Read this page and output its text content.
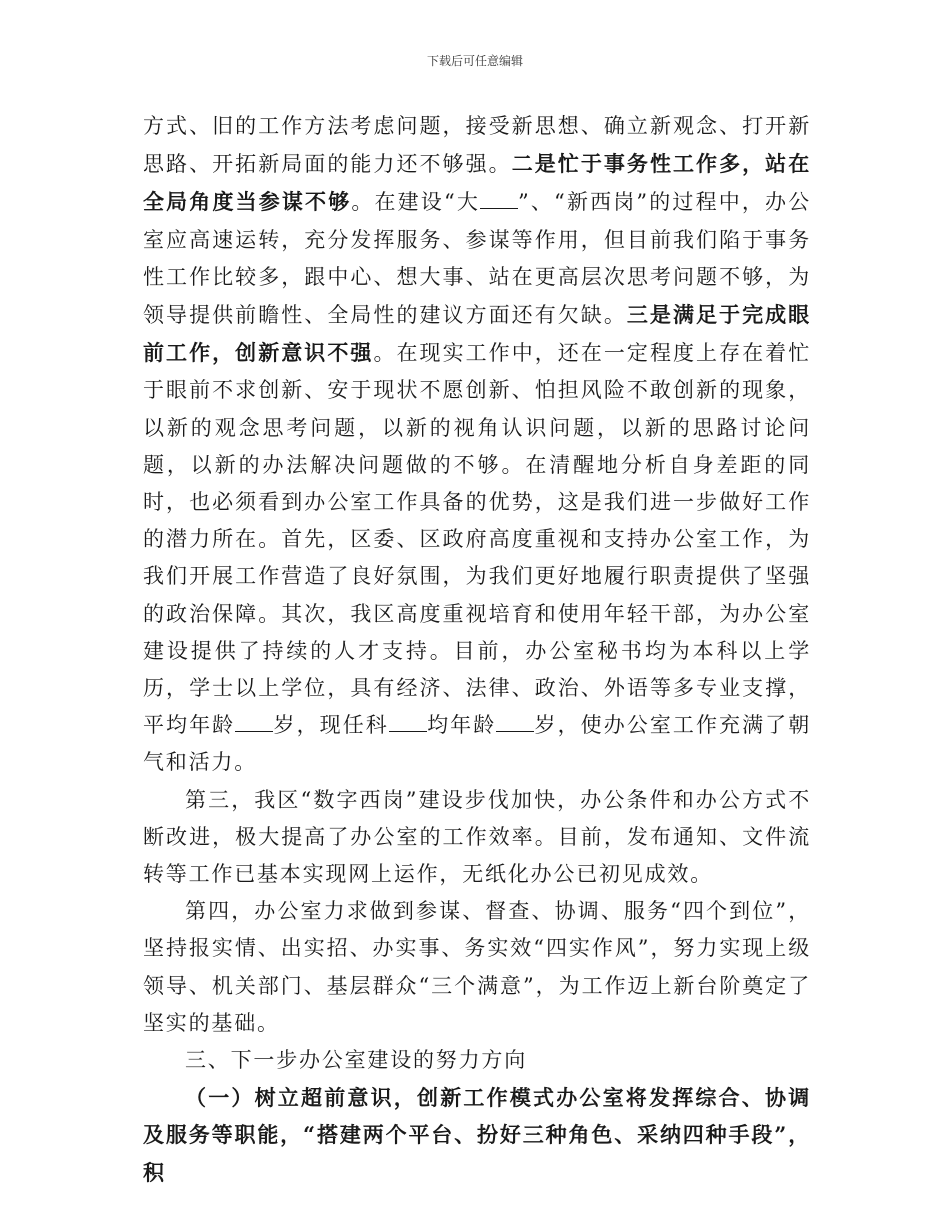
下载后可任意编辑

方式、旧的工作方法考虑问题，接受新思想、确立新观念、打开新思路、开拓新局面的能力还不够强。二是忙于事务性工作多，站在全局角度当参谋不够。在建设“大 ”、“新西岗”的过程中，办公室应高速运转，充分发挥服务、参谋等作用，但目前我们陷于事务性工作比较多，跟中心、想大事、站在更高层次思考问题不够，为领导提供前瞻性、全局性的建议方面还有欠缺。三是满足于完成眼前工作，创新意识不强。在现实工作中，还在一定程度上存在着忙于眼前不求创新、安于现状不愿创新、怕担风险不敢创新的现象，以新的观念思考问题，以新的视角认识问题，以新的思路讨论问题，以新的办法解决问题做的不够。在清醒地分析自身差距的同时，也必须看到办公室工作具备的优势，这是我们进一步做好工作的潜力所在。首先，区委、区政府高度重视和支持办公室工作，为我们开展工作营造了良好氛围，为我们更好地履行职责提供了坚强的政治保障。其次，我区高度重视培育和使用年轻干部，为办公室建设提供了持续的人才支持。目前，办公室秘书均为本科以上学历，学士以上学位，具有经济、法律、政治、外语等多专业支撑，平均年龄 岁，现任科 均年龄 岁，使办公室工作充满了朝气和活力。

第三，我区“数字西岗”建设步伐加快，办公条件和办公方式不断改进，极大提高了办公室的工作效率。目前，发布通知、文件流转等工作已基本实现网上运作，无纸化办公已初见成效。

第四，办公室力求做到参谋、督查、协调、服务“四个到位”，坚持报实情、出实招、办实事、务实效“四实作风”，努力实现上级领导、机关部门、基层群众“三个满意”，为工作迈上新台阶奠定了坚实的基础。

三、下一步办公室建设的努力方向

（一）树立超前意识，创新工作模式办公室将发挥综合、协调及服务等职能，“搭建两个平台、扮好三种角色、采纳四种手段”，积
